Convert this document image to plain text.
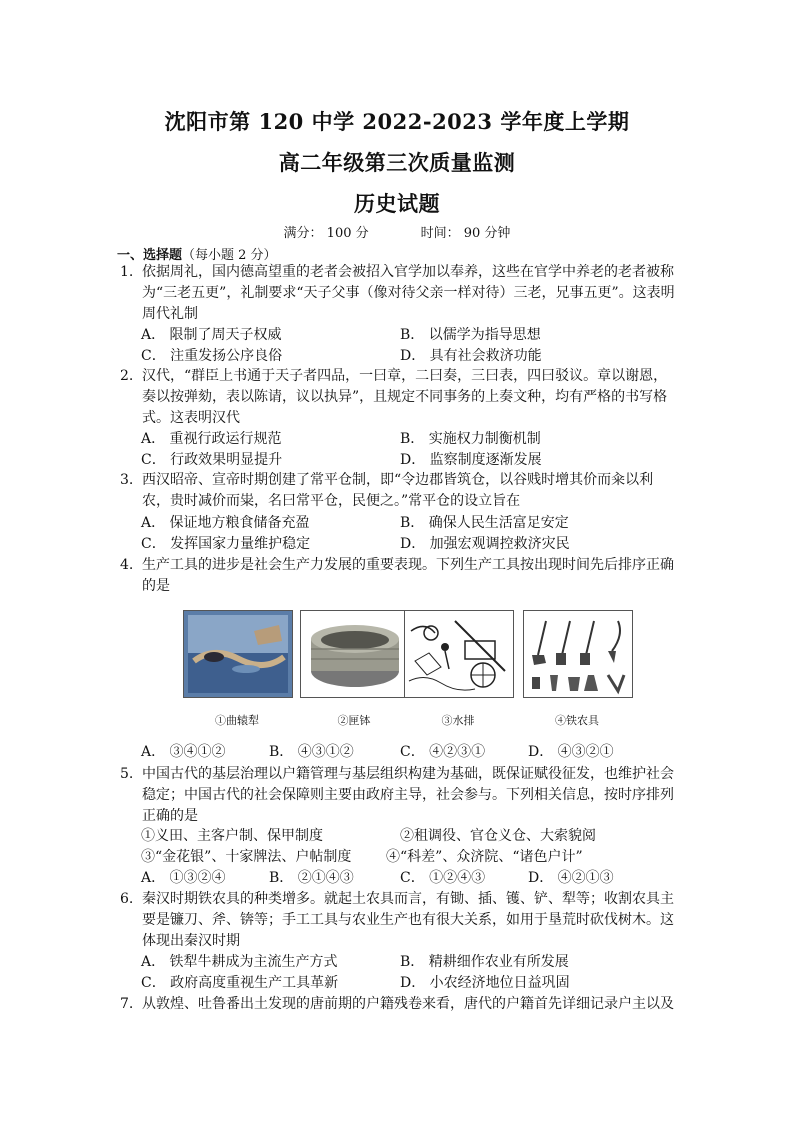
沈阳市第 120 中学 2022-2023 学年度上学期
高二年级第三次质量监测
历史试题
满分： 100 分	时间： 90 分钟
一、选择题（每小题 2 分）
1. 依据周礼，国内德高望重的老者会被招入官学加以奉养，这些在官学中养老的老者被称为“三老五更”，礼制要求“天子父事（像对待父亲一样对待）三老，兄事五更”。这表明周代礼制
A． 限制了周天子权威	B． 以儒学为指导思想
C． 注重发扬公序良俗	D． 具有社会救济功能
2. 汉代，“群臣上书通于天子者四品，一曰章，二曰奏，三曰表，四曰驳议。章以谢恩，奏以按弹劾，表以陈请，议以执异”，且规定不同事务的上奏文种，均有严格的书写格式。这表明汉代
A． 重视行政运行规范	B． 实施权力制衡机制
C． 行政效果明显提升	D． 监察制度逐渐发展
3. 西汉昭帝、宣帝时期创建了常平仓制，即“令边郡皆筑仓，以谷贱时增其价而籴以利农，贵时减价而粜，名曰常平仓，民便之。”常平仓的设立旨在
A． 保证地方粮食储备充盈	B． 确保人民生活富足安定
C． 发挥国家力量维护稳定	D． 加强宏观调控救济灾民
4. 生产工具的进步是社会生产力发展的重要表现。下列生产工具按出现时间先后排序正确的是
①曲辕犁	②匣钵	③水排	④铁农具
A． ③④①②	B． ④③①②	C． ④②③①	D． ④③②①
5. 中国古代的基层治理以户籍管理与基层组织构建为基础，既保证赋役征发，也维护社会稳定；中国古代的社会保障则主要由政府主导，社会参与。下列相关信息，按时序排列正确的是
①义田、主客户制、保甲制度	②租调役、官仓义仓、大索貌阅
③“金花银”、十家牌法、户帖制度 ④“科差”、众济院、“诸色户计”
A． ①③②④	B． ②①④③	C． ①②④③	D． ④②①③
6. 秦汉时期铁农具的种类增多。就起土农具而言，有锄、插、镬、铲、犁等；收割农具主要是镰刀、斧、锛等；手工工具与农业生产也有很大关系，如用于垦荒时砍伐树木。这体现出秦汉时期
A． 铁犁牛耕成为主流生产方式	B． 精耕细作农业有所发展
C． 政府高度重视生产工具革新	D． 小农经济地位日益巩固
7. 从敦煌、吐鲁番出土发现的唐前期的户籍残卷来看，唐代的户籍首先详细记录户主以及
